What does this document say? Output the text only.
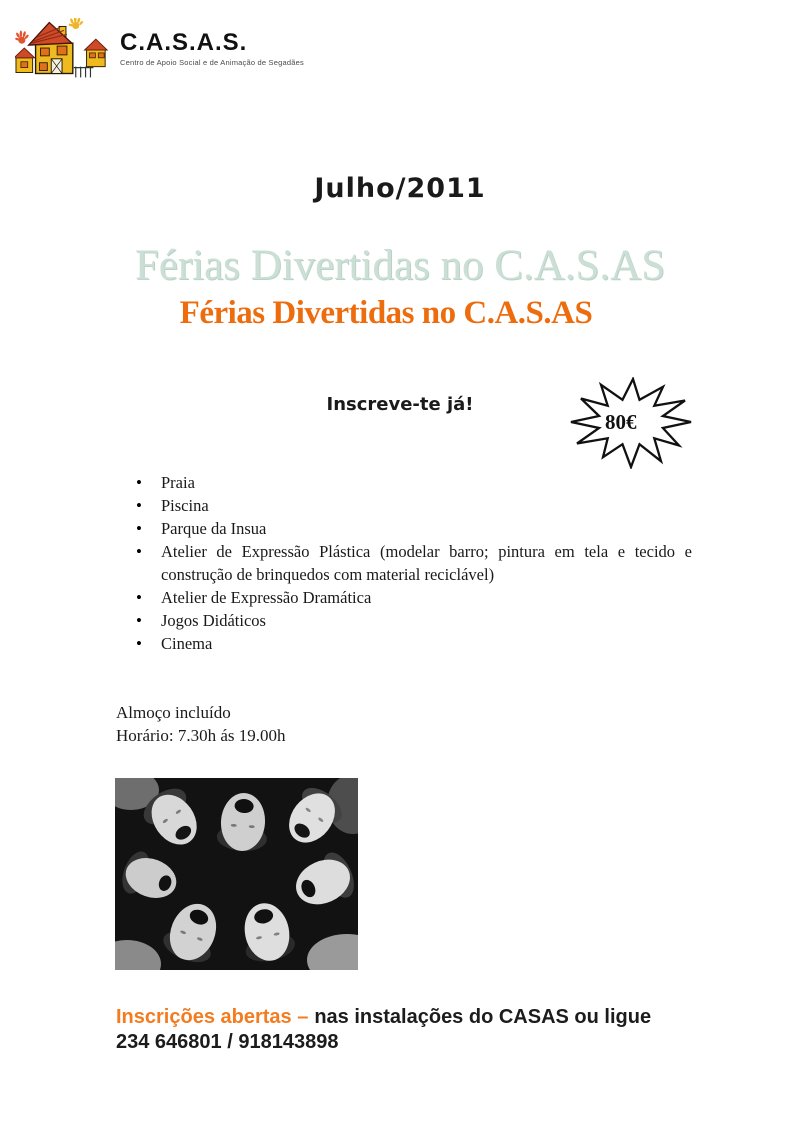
C.A.S.A.S.
Centro de Apoio Social e de Animação de Segadães
Julho/2011
Férias Divertidas no C.A.S.AS
Férias Divertidas no C.A.S.AS
Inscreve-te já!
80€
• Praia
• Piscina
• Parque da Insua
• Atelier de Expressão Plástica (modelar barro; pintura em tela e tecido e construção de brinquedos com material reciclável)
• Atelier de Expressão Dramática
• Jogos Didáticos
• Cinema
Almoço incluído
Horário: 7.30h ás 19.00h
Inscrições abertas – nas instalações do CASAS ou ligue
234 646801 / 918143898
